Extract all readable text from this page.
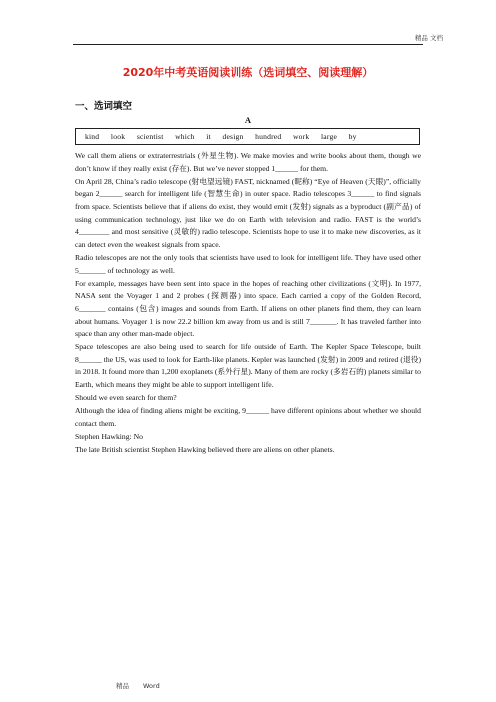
精品 文档
2020年中考英语阅读训练（选词填空、阅读理解）
一、选词填空
A
kind look scientist which it design hundred work large by

We call them aliens or extraterrestrials (外星生物). We make movies and write books about them, though we don’t know if they really exist (存在). But we’ve never stopped 1______ for them.

On April 28, China’s radio telescope (射电望远镜) FAST, nicknamed (昵称) “Eye of Heaven (天眼)”, officially began 2______ search for intelligent life (智慧生命) in outer space. Radio telescopes 3______ to find signals from space. Scientists believe that if aliens do exist, they would emit (发射) signals as a byproduct (副产品) of using communication technology, just like we do on Earth with television and radio. FAST is the world’s 4________ and most sensitive (灵敏的) radio telescope. Scientists hope to use it to make new discoveries, as it can detect even the weakest signals from space.

Radio telescopes are not the only tools that scientists have used to look for intelligent life. They have used other 5_______ of technology as well.

For example, messages have been sent into space in the hopes of reaching other civilizations (文明). In 1977, NASA sent the Voyager 1 and 2 probes (探测器) into space. Each carried a copy of the Golden Record, 6_______ contains (包含) images and sounds from Earth. If aliens on other planets find them, they can learn about humans. Voyager 1 is now 22.2 billion km away from us and is still 7_______. It has traveled farther into space than any other man-made object.

Space telescopes are also being used to search for life outside of Earth. The Kepler Space Telescope, built 8______ the US, was used to look for Earth-like planets. Kepler was launched (发射) in 2009 and retired (退役) in 2018. It found more than 1,200 exoplanets (系外行星). Many of them are rocky (多岩石的) planets similar to Earth, which means they might be able to support intelligent life.

Should we even search for them?

Although the idea of finding aliens might be exciting, 9______ have different opinions about whether we should contact them.

Stephen Hawking: No

The late British scientist Stephen Hawking believed there are aliens on other planets.

精品 Word
